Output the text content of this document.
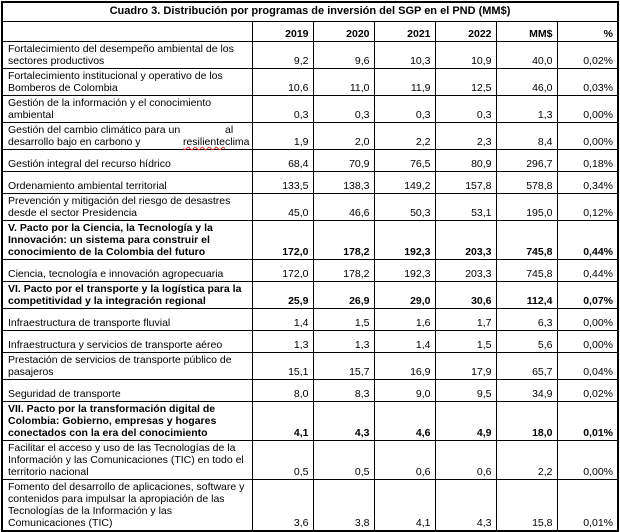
Cuadro 3. Distribución por programas de inversión del SGP en el PND (MM$)						
	2019	2020	2021	2022	MM$	%

Fortalecimiento del desempeño ambiental de los sectores productivos	9,2	9,6	10,3	10,9	40,0	0,02%

Fortalecimiento institucional y operativo de los Bomberos de Colombia	10,6	11,0	11,9	12,5	46,0	0,03%

Gestión de la información y el conocimiento ambiental	0,3	0,3	0,3	0,3	1,3	0,00%

Gestión del cambio climático para un desarrollo bajo en carbono y resiliente
al clima	1,9	2,0	2,2	2,3	8,4	0,00%

Gestión integral del recurso hídrico	68,4	70,9	76,5	80,9	296,7	0,18%

Ordenamiento ambiental territorial	133,5	138,3	149,2	157,8	578,8	0,34%

Prevención y mitigación del riesgo de desastres desde el sector Presidencia	45,0	46,6	50,3	53,1	195,0	0,12%

V. Pacto por la Ciencia, la Tecnología y la Innovación: un sistema para construir el conocimiento de la Colombia del futuro	172,0	178,2	192,3	203,3	745,8	0,44%

Ciencia, tecnología e innovación agropecuaria	172,0	178,2	192,3	203,3	745,8	0,44%

VI. Pacto por el transporte y la logística para la competitividad y la integración regional	25,9	26,9	29,0	30,6	112,4	0,07%

Infraestructura de transporte fluvial	1,4	1,5	1,6	1,7	6,3	0,00%

Infraestructura y servicios de transporte aéreo	1,3	1,3	1,4	1,5	5,6	0,00%

Prestación de servicios de transporte público de pasajeros	15,1	15,7	16,9	17,9	65,7	0,04%

Seguridad de transporte	8,0	8,3	9,0	9,5	34,9	0,02%

VII. Pacto por la transformación digital de Colombia: Gobierno, empresas y hogares conectados con la era del conocimiento	4,1	4,3	4,6	4,9	18,0	0,01%

Facilitar el acceso y uso de las Tecnologías de la Información y las Comunicaciones (TIC) en todo el territorio nacional	0,5	0,5	0,6	0,6	2,2	0,00%

Fomento del desarrollo de aplicaciones, software y contenidos para impulsar la apropiación de las Tecnologías de la Información y las Comunicaciones (TIC)	3,6	3,8	4,1	4,3	15,8	0,01%
